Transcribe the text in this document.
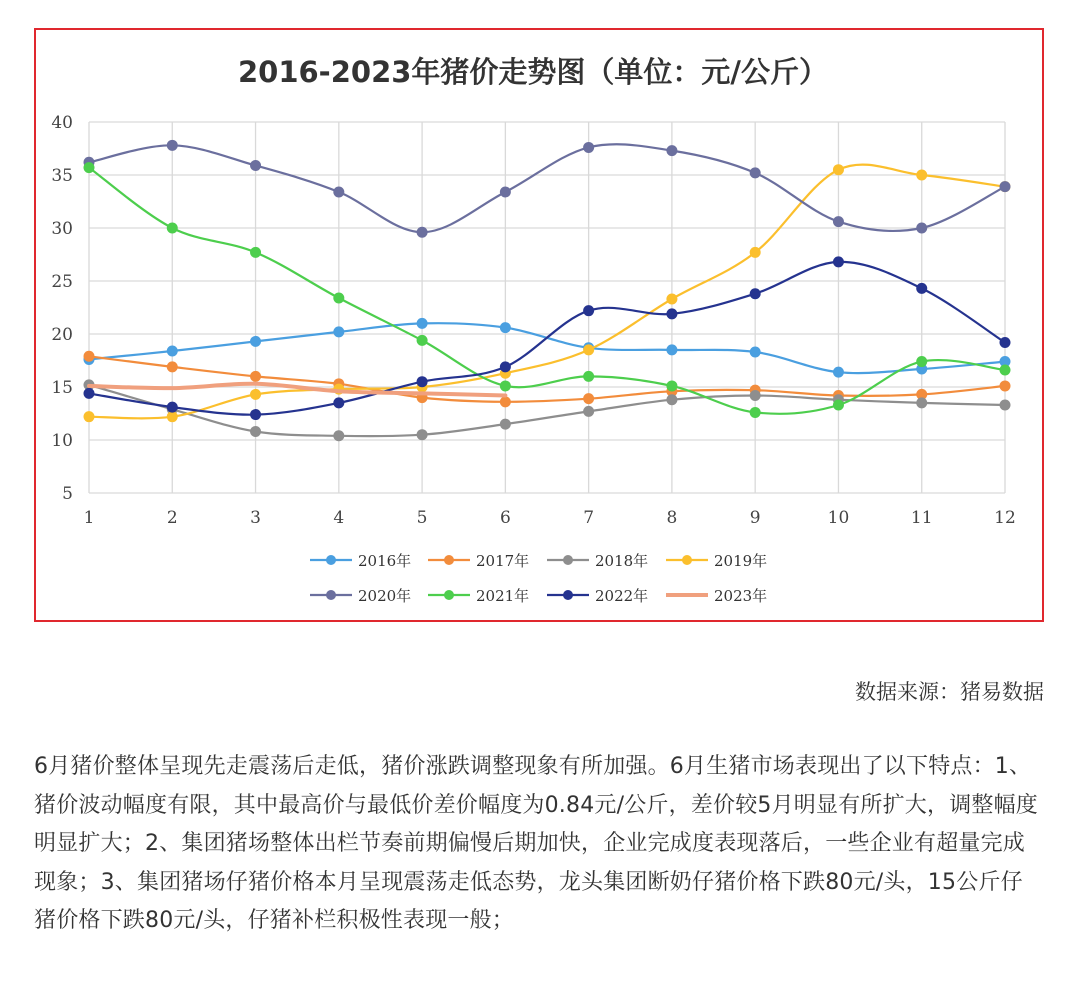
2016-2023年猪价走势图（单位：元/公斤）
5
10
15
20
25
30
35
40
1	2	3	4	5	6	7	8	9	10	11	12
2016年	2017年	2018年	2019年
2020年	2021年	2022年	2023年
数据来源：猪易数据

6月猪价整体呈现先走震荡后走低，猪价涨跌调整现象有所加强。6月生猪市场表现出了以下特点：1、猪价波动幅度有限，其中最高价与最低价差价幅度为0.84元/公斤，差价较5月明显有所扩大，调整幅度明显扩大；2、集团猪场整体出栏节奏前期偏慢后期加快，企业完成度表现落后，一些企业有超量完成现象；3、集团猪场仔猪价格本月呈现震荡走低态势，龙头集团断奶仔猪价格下跌80元/头，15公斤仔猪价格下跌80元/头，仔猪补栏积极性表现一般；
